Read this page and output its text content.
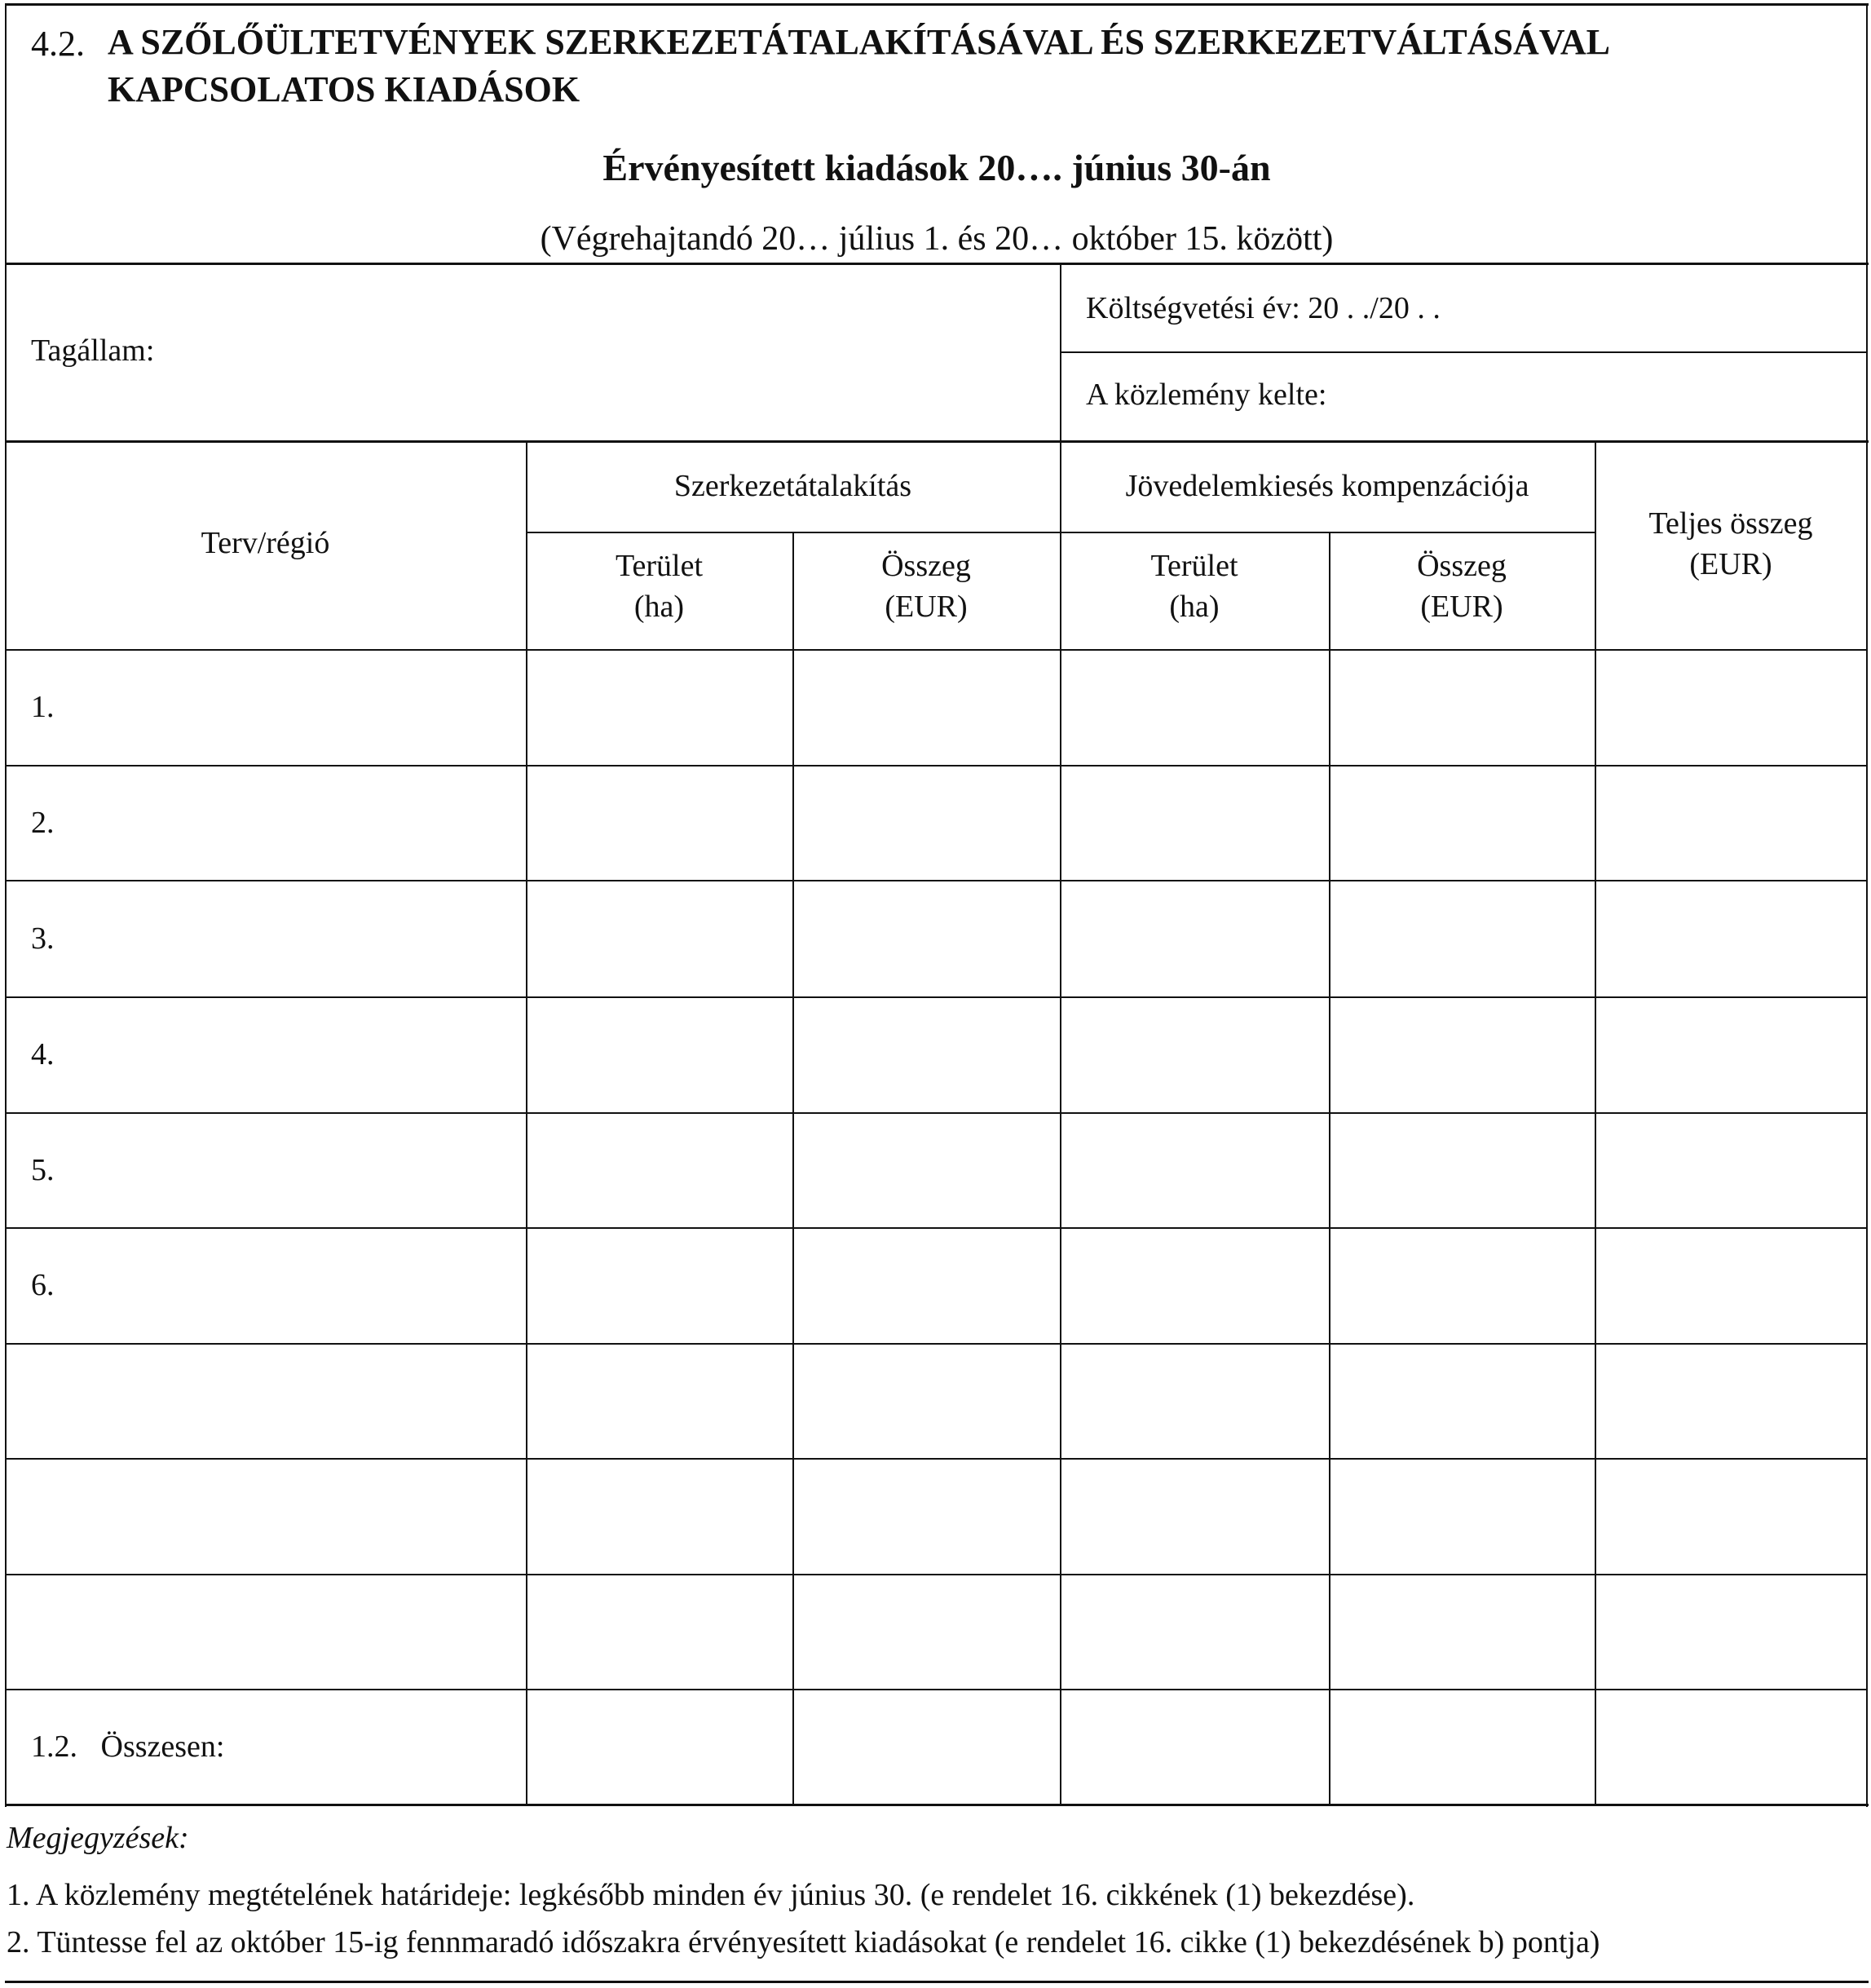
4.2. A SZŐLŐÜLTETVÉNYEK SZERKEZETÁTALAKÍTÁSÁVAL ÉS SZERKEZETVÁLTÁSÁVAL
KAPCSOLATOS KIADÁSOK
Érvényesített kiadások 20…. június 30-án
(Végrehajtandó 20… július 1. és 20… október 15. között)
Tagállam:
Költségvetési év: 20 . ./20 . .
A közlemény kelte:
Terv/régió
Szerkezetátalakítás	Jövedelemkiesés kompenzációja
Teljes összeg
(EUR)
Terület
(ha)
Összeg
(EUR)
Terület
(ha)
Összeg
(EUR)
1.
2.
3.
4.
5.
6.
1.2.   Összesen:
Megjegyzések:
1. A közlemény megtételének határideje: legkésőbb minden év június 30. (e rendelet 16. cikkének (1) bekezdése).
2. Tüntesse fel az október 15-ig fennmaradó időszakra érvényesített kiadásokat (e rendelet 16. cikke (1) bekezdésének b) pontja)
